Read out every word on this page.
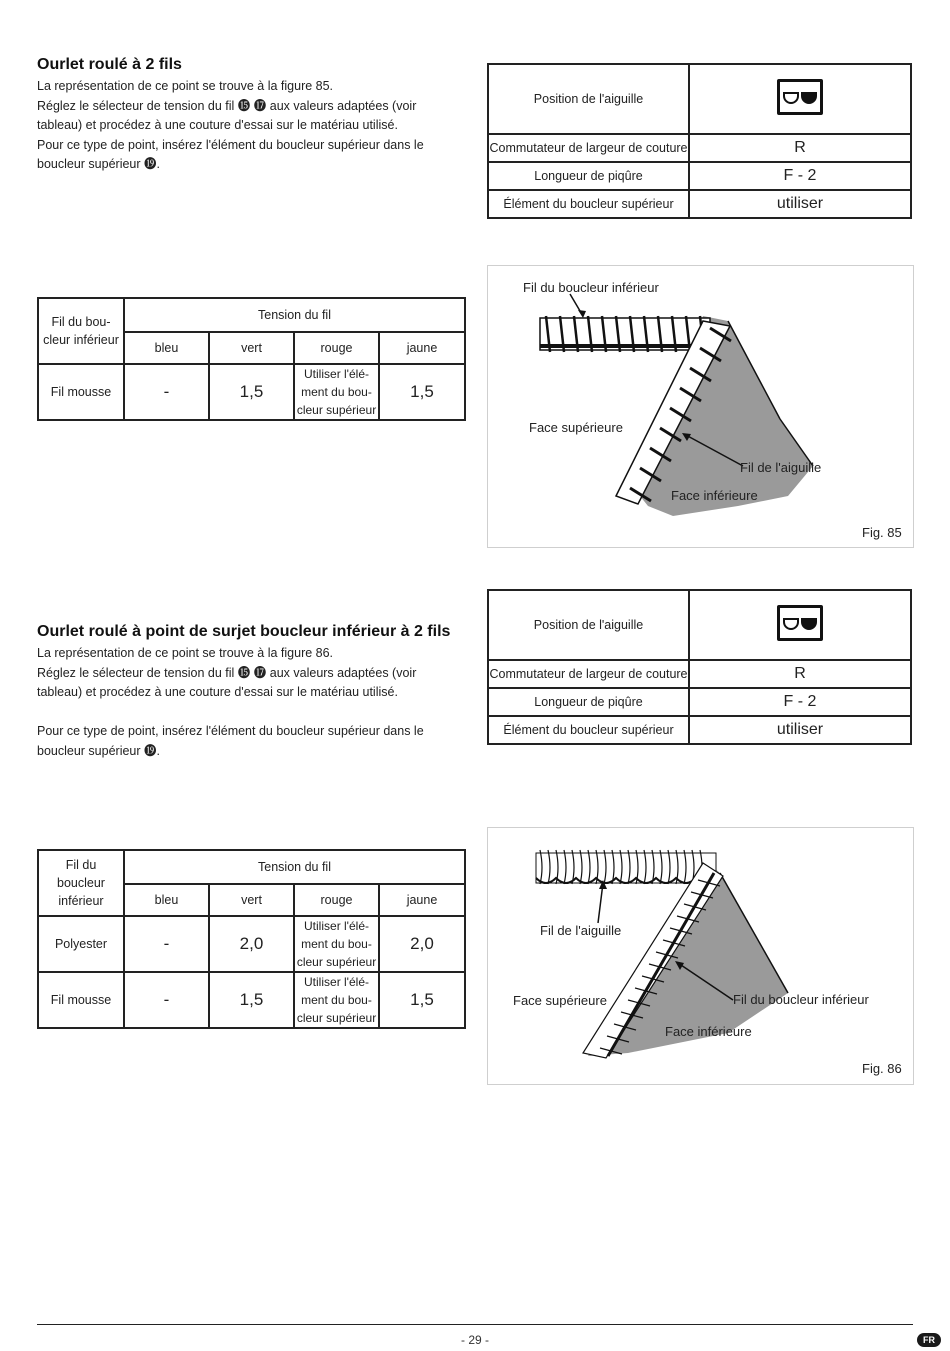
Ourlet roulé à 2 fils

La représentation de ce point se trouve à la figure 85.

Réglez le sélecteur de tension du fil ⓯ ⓱ aux valeurs adaptées (voir

tableau) et procédez à une couture d'essai sur le matériau utilisé.

Pour ce type de point, insérez l'élément du boucleur supérieur dans le

boucleur supérieur ⓳.

Position de l'aiguille	

Commutateur de largeur de couture	R
Longueur de piqûre	F - 2
Élément du boucleur supérieur	utiliser
Fil du bou-
cleur inférieur	Tension du fil			
	bleu	vert	rouge	jaune
Fil mousse	-	1,5	Utiliser l'élé-
ment du bou-
cleur supérieur	1,5
Fil du boucleur inférieur
Face supérieure
Fil de l'aiguille
Face inférieure
Fig. 85
Position de l'aiguille	

Commutateur de largeur de couture	R
Longueur de piqûre	F - 2
Élément du boucleur supérieur	utiliser
Ourlet roulé à point de surjet boucleur inférieur à 2 fils

La représentation de ce point se trouve à la figure 86.

Réglez le sélecteur de tension du fil ⓯ ⓱ aux valeurs adaptées (voir

tableau) et procédez à une couture d'essai sur le matériau utilisé.

Pour ce type de point, insérez l'élément du boucleur supérieur dans le

boucleur supérieur ⓳.

Fil du
boucleur
inférieur	Tension du fil			
	bleu	vert	rouge	jaune
Polyester	-	2,0	Utiliser l'élé-
ment du bou-
cleur supérieur	2,0
Fil mousse	-	1,5	Utiliser l'élé-
ment du bou-
cleur supérieur	1,5
Fil de l'aiguille
Face supérieure	Fil du boucleur inférieur
Face inférieure
Fig. 86
- 29 -	FR
